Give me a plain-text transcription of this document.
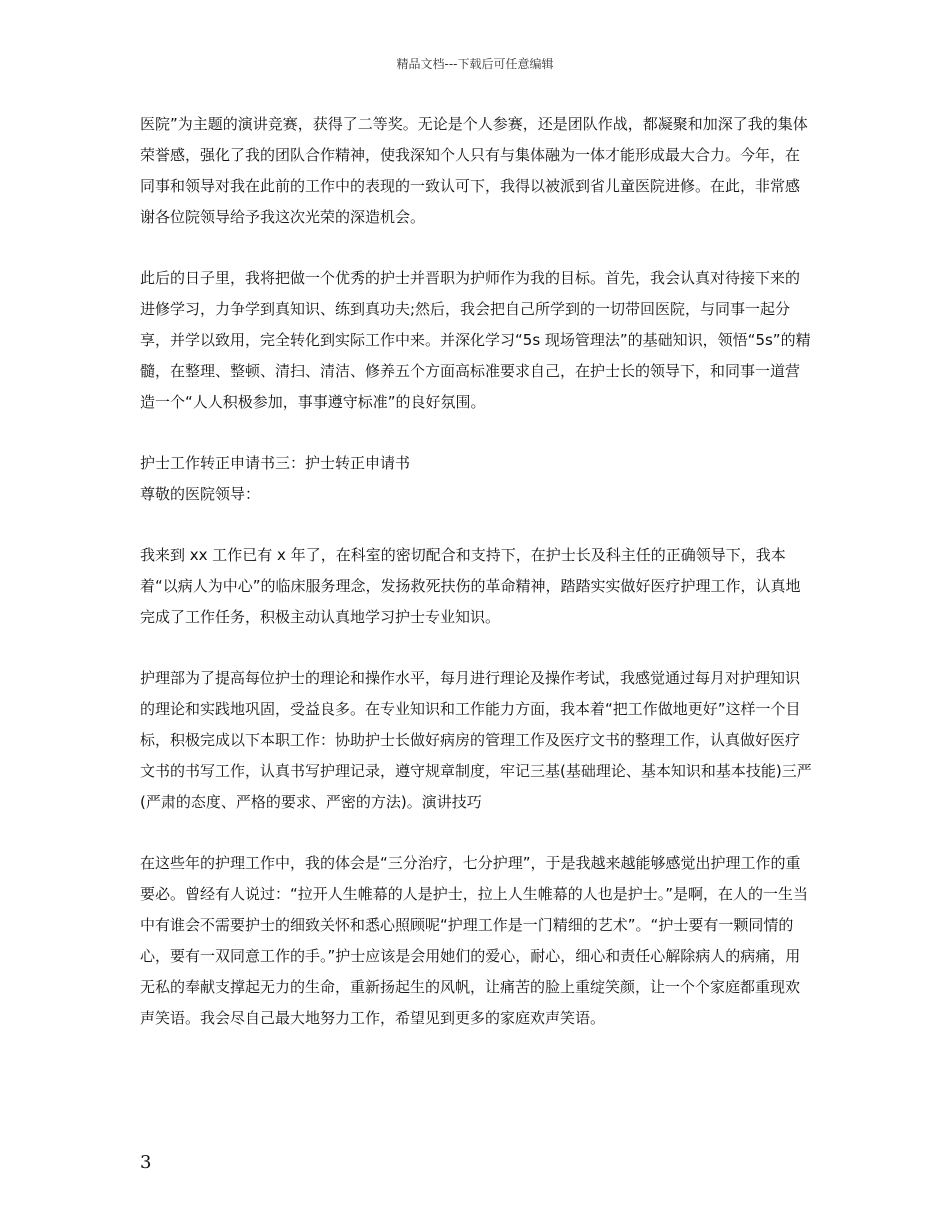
精品文档---下载后可任意编辑

医院”为主题的演讲竞赛，获得了二等奖。无论是个人参赛，还是团队作战，都凝聚和加深了我的集体荣誉感，强化了我的团队合作精神，使我深知个人只有与集体融为一体才能形成最大合力。今年，在同事和领导对我在此前的工作中的表现的一致认可下，我得以被派到省儿童医院进修。在此，非常感谢各位院领导给予我这次光荣的深造机会。

此后的日子里，我将把做一个优秀的护士并晋职为护师作为我的目标。首先，我会认真对待接下来的进修学习，力争学到真知识、练到真功夫;然后，我会把自己所学到的一切带回医院，与同事一起分享，并学以致用，完全转化到实际工作中来。并深化学习“5s 现场管理法”的基础知识，领悟“5s”的精髓，在整理、整顿、清扫、清洁、修养五个方面高标准要求自己，在护士长的领导下，和同事一道营造一个“人人积极参加，事事遵守标准”的良好氛围。

护士工作转正申请书三：护士转正申请书

尊敬的医院领导：

我来到 xx 工作已有 x 年了，在科室的密切配合和支持下，在护士长及科主任的正确领导下，我本着“以病人为中心”的临床服务理念，发扬救死扶伤的革命精神，踏踏实实做好医疗护理工作，认真地完成了工作任务，积极主动认真地学习护士专业知识。

护理部为了提高每位护士的理论和操作水平，每月进行理论及操作考试，我感觉通过每月对护理知识的理论和实践地巩固，受益良多。在专业知识和工作能力方面，我本着“把工作做地更好”这样一个目标，积极完成以下本职工作：协助护士长做好病房的管理工作及医疗文书的整理工作，认真做好医疗文书的书写工作，认真书写护理记录，遵守规章制度，牢记三基(基础理论、基本知识和基本技能)三严(严肃的态度、严格的要求、严密的方法)。演讲技巧

在这些年的护理工作中，我的体会是“三分治疗，七分护理”，于是我越来越能够感觉出护理工作的重要必。曾经有人说过：“拉开人生帷幕的人是护士，拉上人生帷幕的人也是护士。”是啊，在人的一生当中有谁会不需要护士的细致关怀和悉心照顾呢“护理工作是一门精细的艺术”。“护士要有一颗同情的心，要有一双同意工作的手。”护士应该是会用她们的爱心，耐心，细心和责任心解除病人的病痛，用无私的奉献支撑起无力的生命，重新扬起生的风帆，让痛苦的脸上重绽笑颜，让一个个家庭都重现欢声笑语。我会尽自己最大地努力工作，希望见到更多的家庭欢声笑语。

3
